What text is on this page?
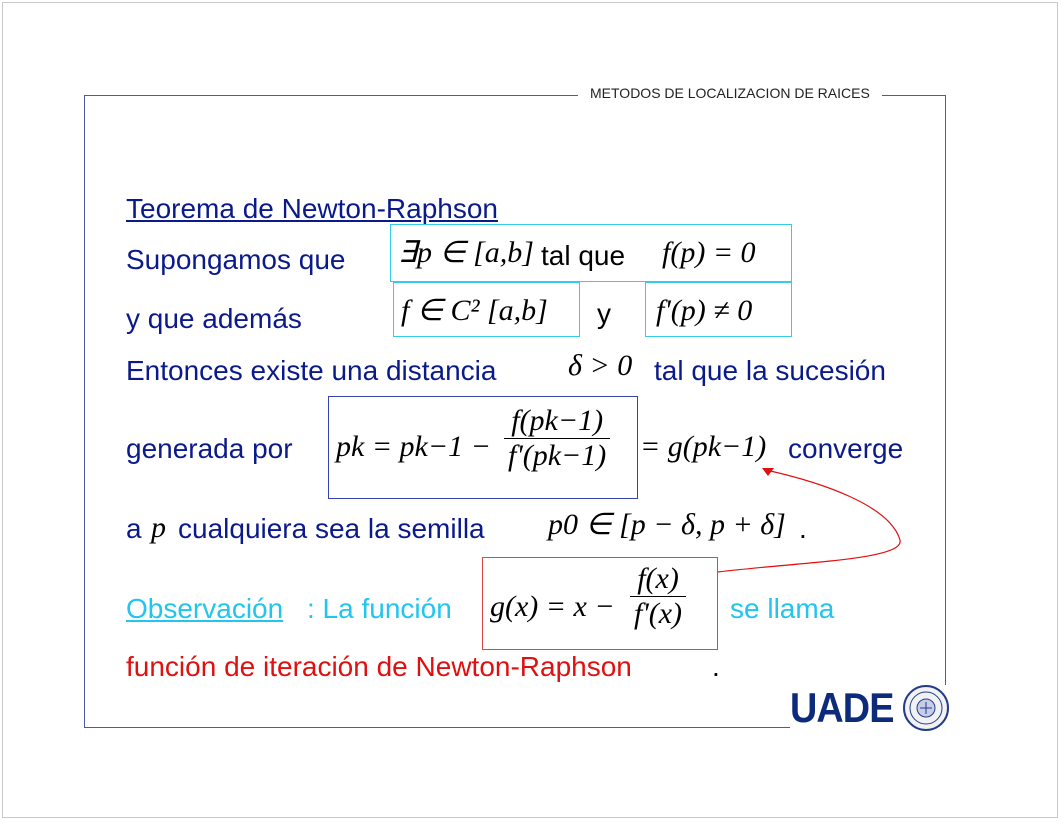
METODOS DE LOCALIZACION DE RAICES
Teorema de Newton-Raphson
Supongamos que ∃p ∈ [a,b] tal que f(p) = 0
y que además	f ∈ C² [a,b] y f'(p) ≠ 0
Entonces existe una distancia δ > 0 tal que la sucesión
generada por pk = $pk-1 - \frac{f(pk-1)}{f'(pk-1)} = g(pk-1)$ converge
a p cualquiera sea la semilla p0 ∈ [p − δ, p + δ] .
Observación : La función $g(x) = x - \frac{f(x)}{f'(x)}$ se llama
función de iteración de Newton-Raphson	.
UADE
